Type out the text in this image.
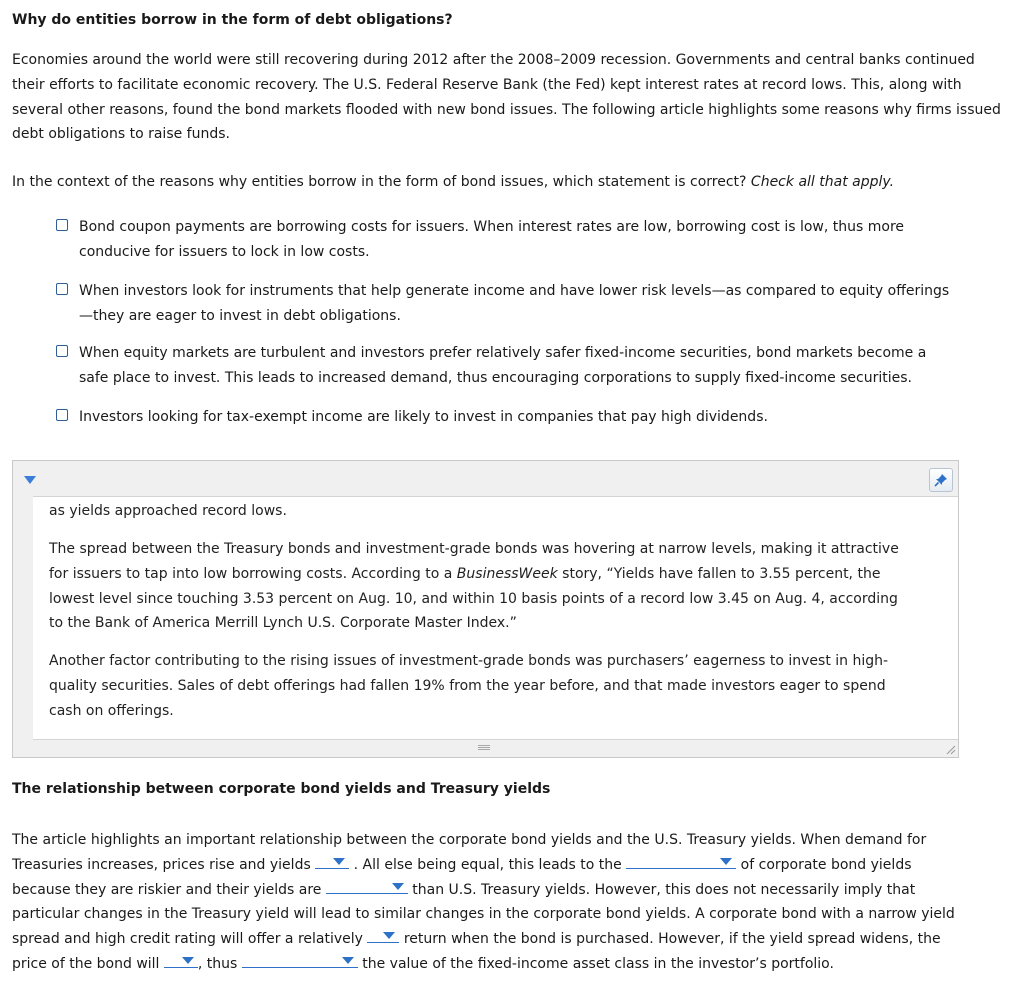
Why do entities borrow in the form of debt obligations?
Economies around the world were still recovering during 2012 after the 2008–2009 recession. Governments and central banks continued their efforts to facilitate economic recovery. The U.S. Federal Reserve Bank (the Fed) kept interest rates at record lows. This, along with several other reasons, found the bond markets flooded with new bond issues. The following article highlights some reasons why firms issued debt obligations to raise funds.
In the context of the reasons why entities borrow in the form of bond issues, which statement is correct? Check all that apply.
Bond coupon payments are borrowing costs for issuers. When interest rates are low, borrowing cost is low, thus more conducive for issuers to lock in low costs.
When investors look for instruments that help generate income and have lower risk levels—as compared to equity offerings—they are eager to invest in debt obligations.
When equity markets are turbulent and investors prefer relatively safer fixed-income securities, bond markets become a safe place to invest. This leads to increased demand, thus encouraging corporations to supply fixed-income securities.
Investors looking for tax-exempt income are likely to invest in companies that pay high dividends.
as yields approached record lows.
The spread between the Treasury bonds and investment-grade bonds was hovering at narrow levels, making it attractive for issuers to tap into low borrowing costs. According to a BusinessWeek story, “Yields have fallen to 3.55 percent, the lowest level since touching 3.53 percent on Aug. 10, and within 10 basis points of a record low 3.45 on Aug. 4, according to the Bank of America Merrill Lynch U.S. Corporate Master Index.”
Another factor contributing to the rising issues of investment-grade bonds was purchasers’ eagerness to invest in high-quality securities. Sales of debt offerings had fallen 19% from the year before, and that made investors eager to spend cash on offerings.
The relationship between corporate bond yields and Treasury yields
The article highlights an important relationship between the corporate bond yields and the U.S. Treasury yields. When demand for Treasuries increases, prices rise and yields	. All else being equal, this leads to the	of corporate bond yields because they are riskier and their yields are	than U.S. Treasury yields. However, this does not necessarily imply that particular changes in the Treasury yield will lead to similar changes in the corporate bond yields. A corporate bond with a narrow yield spread and high credit rating will offer a relatively	return when the bond is purchased. However, if the yield spread widens, the price of the bond will	, thus	the value of the fixed-income asset class in the investor’s portfolio.
